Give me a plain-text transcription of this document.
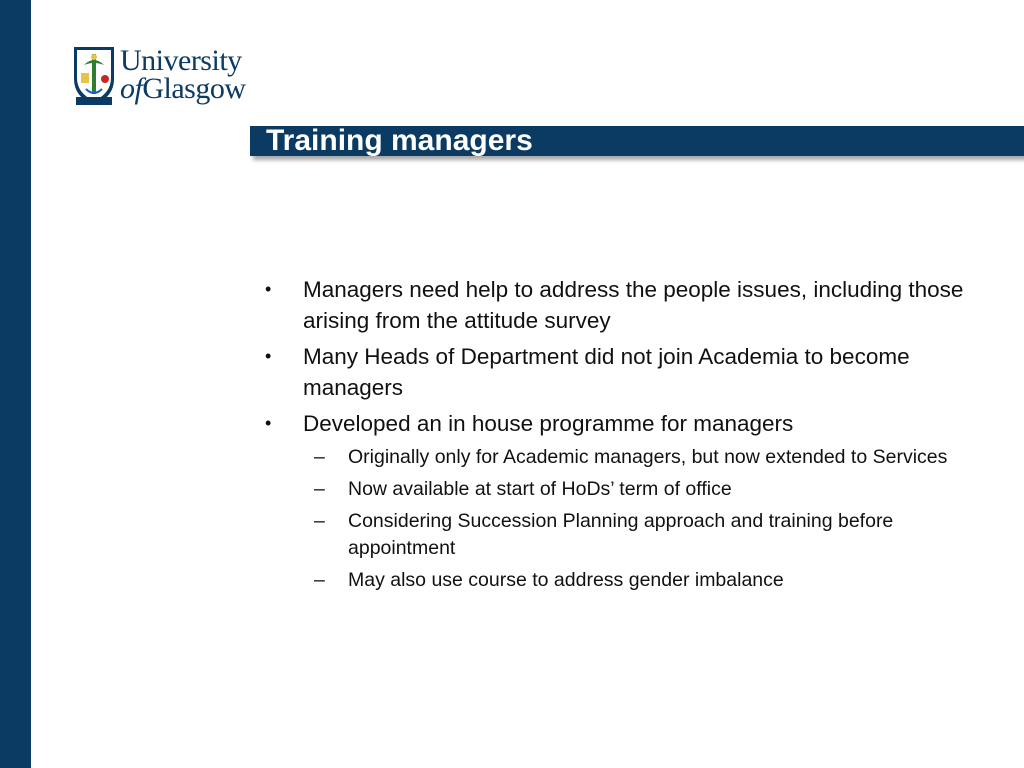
University
ofGlasgow
Training managers
• Managers need help to address the people issues, including those arising from the attitude survey
• Many Heads of Department did not join Academia to become managers
• Developed an in house programme for managers
– Originally only for Academic managers, but now extended to Services
– Now available at start of HoDs’ term of office
– Considering Succession Planning approach and training before appointment
– May also use course to address gender imbalance
